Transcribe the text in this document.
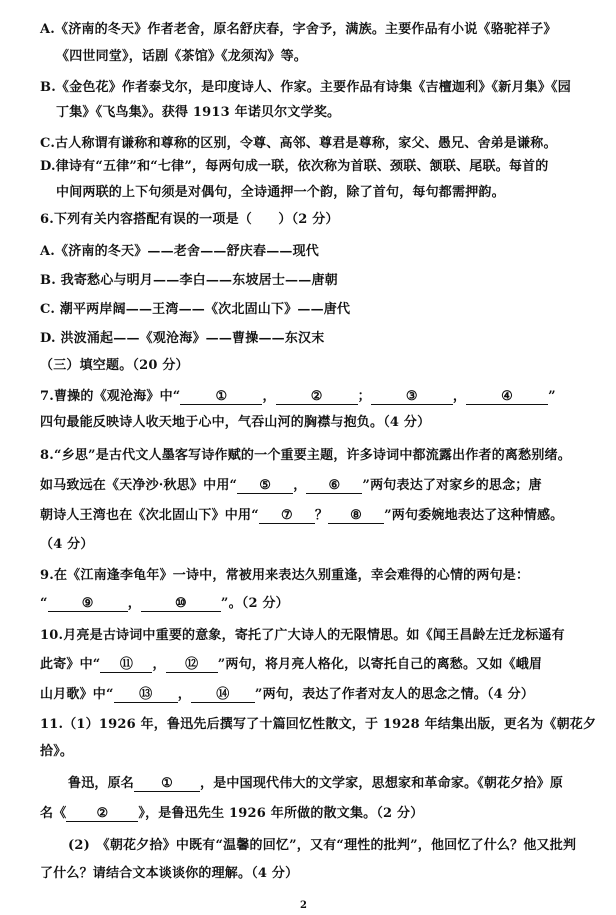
A.《济南的冬天》作者老舍，原名舒庆春，字舍予，满族。主要作品有小说《骆驼祥子》
《四世同堂》，话剧《茶馆》《龙须沟》等。
B.《金色花》作者泰戈尔，是印度诗人、作家。主要作品有诗集《吉檀迦利》《新月集》《园
丁集》《飞鸟集》。获得 1913 年诺贝尔文学奖。
C.古人称谓有谦称和尊称的区别，令尊、高邻、尊君是尊称，家父、愚兄、舍弟是谦称。
D.律诗有“五律”和“七律”，每两句成一联，依次称为首联、颈联、颔联、尾联。每首的
中间两联的上下句须是对偶句，全诗通押一个韵，除了首句，每句都需押韵。
6.下列有关内容搭配有误的一项是（　　）（2 分）
A.《济南的冬天》——老舍——舒庆春——现代
B. 我寄愁心与明月——李白——东坡居士——唐朝
C. 潮平两岸阔——王湾——《次北固山下》——唐代
D. 洪波涌起——《观沧海》——曹操——东汉末
（三）填空题。（20 分）
7.曹操的《观沧海》中“	①	，	②	；	③	，	④	”
四句最能反映诗人收天地于心中，气吞山河的胸襟与抱负。（4 分）
8.“乡思”是古代文人墨客写诗作赋的一个重要主题，许多诗词中都流露出作者的离愁别绪。
如马致远在《天净沙·秋思》中用“ ⑤ ， ⑥ ”两句表达了对家乡的思念；唐
朝诗人王湾也在《次北固山下》中用“ ⑦ ？ ⑧ ”两句委婉地表达了这种情感。
（4 分）
9.在《江南逢李龟年》一诗中，常被用来表达久别重逢，幸会难得的心情的两句是：
“	⑨	，	⑩	”。（2 分）
10.月亮是古诗词中重要的意象，寄托了广大诗人的无限情思。如《闻王昌龄左迁龙标遥有
此寄》中“ ⑪ ， ⑫ ”两句，将月亮人格化，以寄托自己的离愁。又如《峨眉
山月歌》中“ ⑬ ， ⑭ ”两句，表达了作者对友人的思念之情。（4 分）
11.（1）1926 年，鲁迅先后撰写了十篇回忆性散文，于 1928 年结集出版，更名为《朝花夕
拾》。
鲁迅，原名 ① ，是中国现代伟大的文学家，思想家和革命家。《朝花夕拾》原
名《 ② 》，是鲁迅先生 1926 年所做的散文集。（2 分）
(2)　《朝花夕拾》中既有“温馨的回忆”，又有“理性的批判”，他回忆了什么？他又批判
了什么？请结合文本谈谈你的理解。（4 分）
2
